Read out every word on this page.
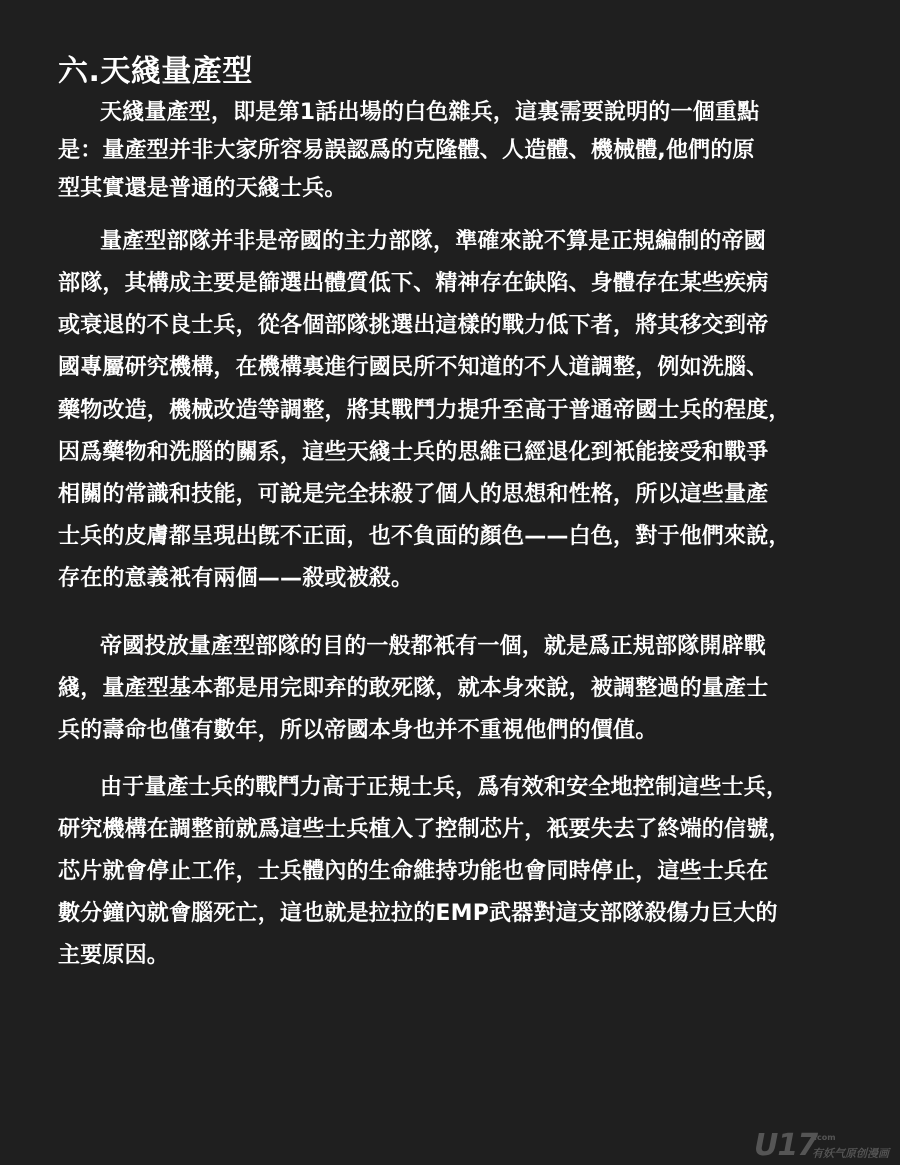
六.天綫量產型
天綫量產型，即是第1話出場的白色雜兵，這裏需要說明的一個重點
是：量產型并非大家所容易誤認爲的克隆體、人造體、機械體,他們的原
型其實還是普通的天綫士兵。
量產型部隊并非是帝國的主力部隊，準確來說不算是正規編制的帝國
部隊，其構成主要是篩選出體質低下、精神存在缺陷、身體存在某些疾病
或衰退的不良士兵，從各個部隊挑選出這樣的戰力低下者，將其移交到帝
國專屬研究機構，在機構裏進行國民所不知道的不人道調整，例如洗腦、
藥物改造，機械改造等調整，將其戰鬥力提升至高于普通帝國士兵的程度，
因爲藥物和洗腦的關系，這些天綫士兵的思維已經退化到衹能接受和戰爭
相關的常識和技能，可說是完全抹殺了個人的思想和性格，所以這些量產
士兵的皮膚都呈現出旣不正面，也不負面的顏色——白色，對于他們來說，
存在的意義衹有兩個——殺或被殺。
帝國投放量產型部隊的目的一般都衹有一個，就是爲正規部隊開辟戰
綫，量產型基本都是用完即弃的敢死隊，就本身來說，被調整過的量產士
兵的壽命也僅有數年，所以帝國本身也并不重視他們的價值。
由于量產士兵的戰鬥力高于正規士兵，爲有效和安全地控制這些士兵，
研究機構在調整前就爲這些士兵植入了控制芯片，衹要失去了終端的信號，
芯片就會停止工作，士兵體內的生命維持功能也會同時停止，這些士兵在
數分鐘內就會腦死亡，這也就是拉拉的EMP武器對這支部隊殺傷力巨大的
主要原因。
U17
.com
有妖气原创漫画
